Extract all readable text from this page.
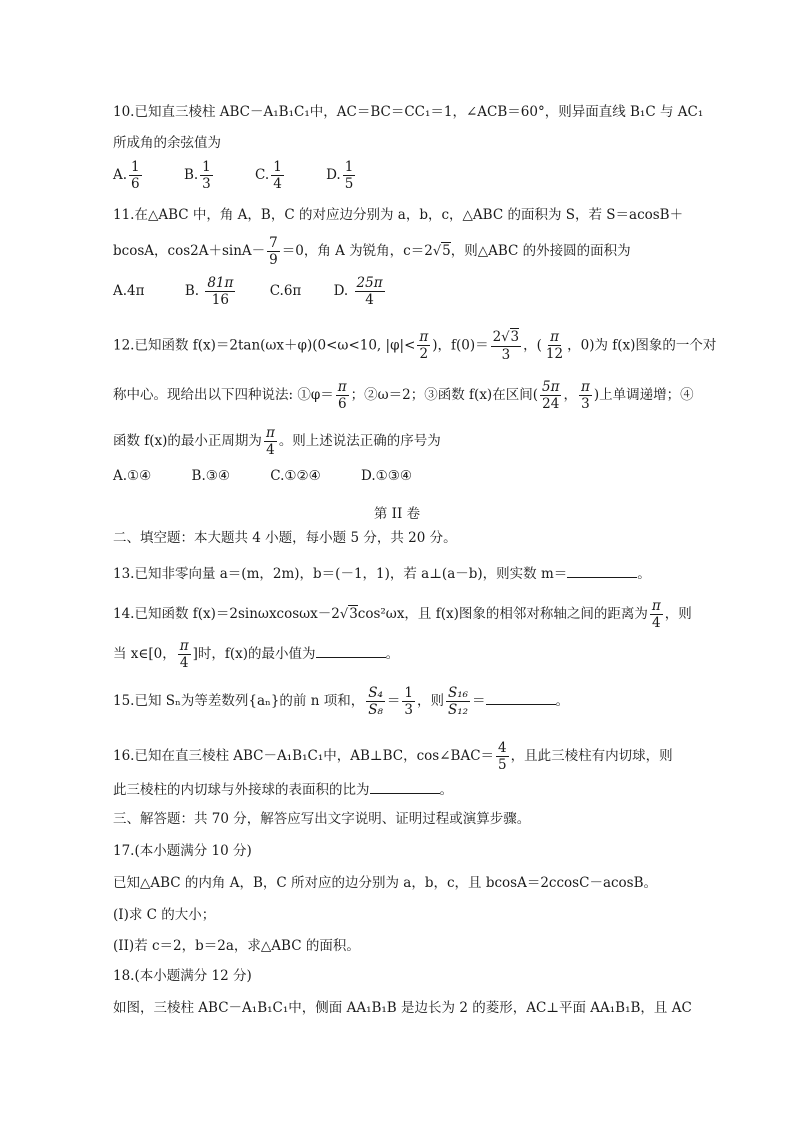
10.已知直三棱柱 ABC－A₁B₁C₁中，AC＝BC＝CC₁＝1，∠ACB＝60°，则异面直线 B₁C 与 AC₁
所成角的余弦值为
A. $\frac{1}{6}$	B. $\frac{1}{3}$	C. $\frac{1}{4}$	D. $\frac{1}{5}$
11.在△ABC 中，角 A，B，C 的对应边分别为 a，b，c，△ABC 的面积为 S，若 S＝acosB＋
bcosA，$\cos 2A+\sin A- \frac{7}{9} =0$，角 A 为锐角，c＝2√5，则△ABC 的外接圆的面积为
A.4π	B. $\frac{81\pi}{16}$	C.6π D. $\frac{25\pi}{4}$
12.已知函数 f(x)＝2tan(ωx＋φ)(0<ω<10, $|\varphi|< \frac{\pi}{2}$ )，$f(0)= \frac{2√3}{3}$ ，( $\frac{\pi}{12}$ ，0)为 f(x)图象的一个对
称中心。现给出以下四种说法: ①φ＝ $\frac{\pi}{6}$ ；②ω＝2；③函数 f(x)在区间( $\frac{5\pi}{24}$ ， $\frac{\pi}{3}$ )上单调递增；④
函数 f(x)的最小正周期为 $\frac{\pi}{4}$ 。则上述说法正确的序号为
A.①④	B.③④	C.①②④	D.①③④
第 II 卷
二、填空题：本大题共 4 小题，每小题 5 分，共 20 分。
13.已知非零向量 a＝(m，2m)，b＝(－1，1)，若 a⊥(a－b)，则实数 m＝	。
14.已知函数 f(x)＝2sinωxcosωx－2√3cos²ωx，且 f(x)图象的相邻对称轴之间的距离为 $\frac{\pi}{4}$ ，则
当 x∈[0， $\frac{\pi}{4}$ ]时，f(x)的最小值为	。
15.已知 Sₙ为等差数列{aₙ}的前 n 项和， $\frac{\text{S₄}}{\text{S₈}} = \frac{1}{3}$ ，则 $\frac{\text{S₁₆}}{\text{S₁₂}}$ ＝	。
16.已知在直三棱柱 ABC－A₁B₁C₁中，AB⊥BC，cos∠BAC＝ $\frac{4}{5}$ ，且此三棱柱有内切球，则
此三棱柱的内切球与外接球的表面积的比为	。
三、解答题：共 70 分，解答应写出文字说明、证明过程或演算步骤。
17.(本小题满分 10 分)
已知△ABC 的内角 A，B，C 所对应的边分别为 a，b，c，且 bcosA＝2ccosC－acosB。
(I)求 C 的大小；
(II)若 c＝2，b＝2a，求△ABC 的面积。
18.(本小题满分 12 分)
如图，三棱柱 ABC－A₁B₁C₁中，侧面 AA₁B₁B 是边长为 2 的菱形，AC⊥平面 AA₁B₁B，且 AC
